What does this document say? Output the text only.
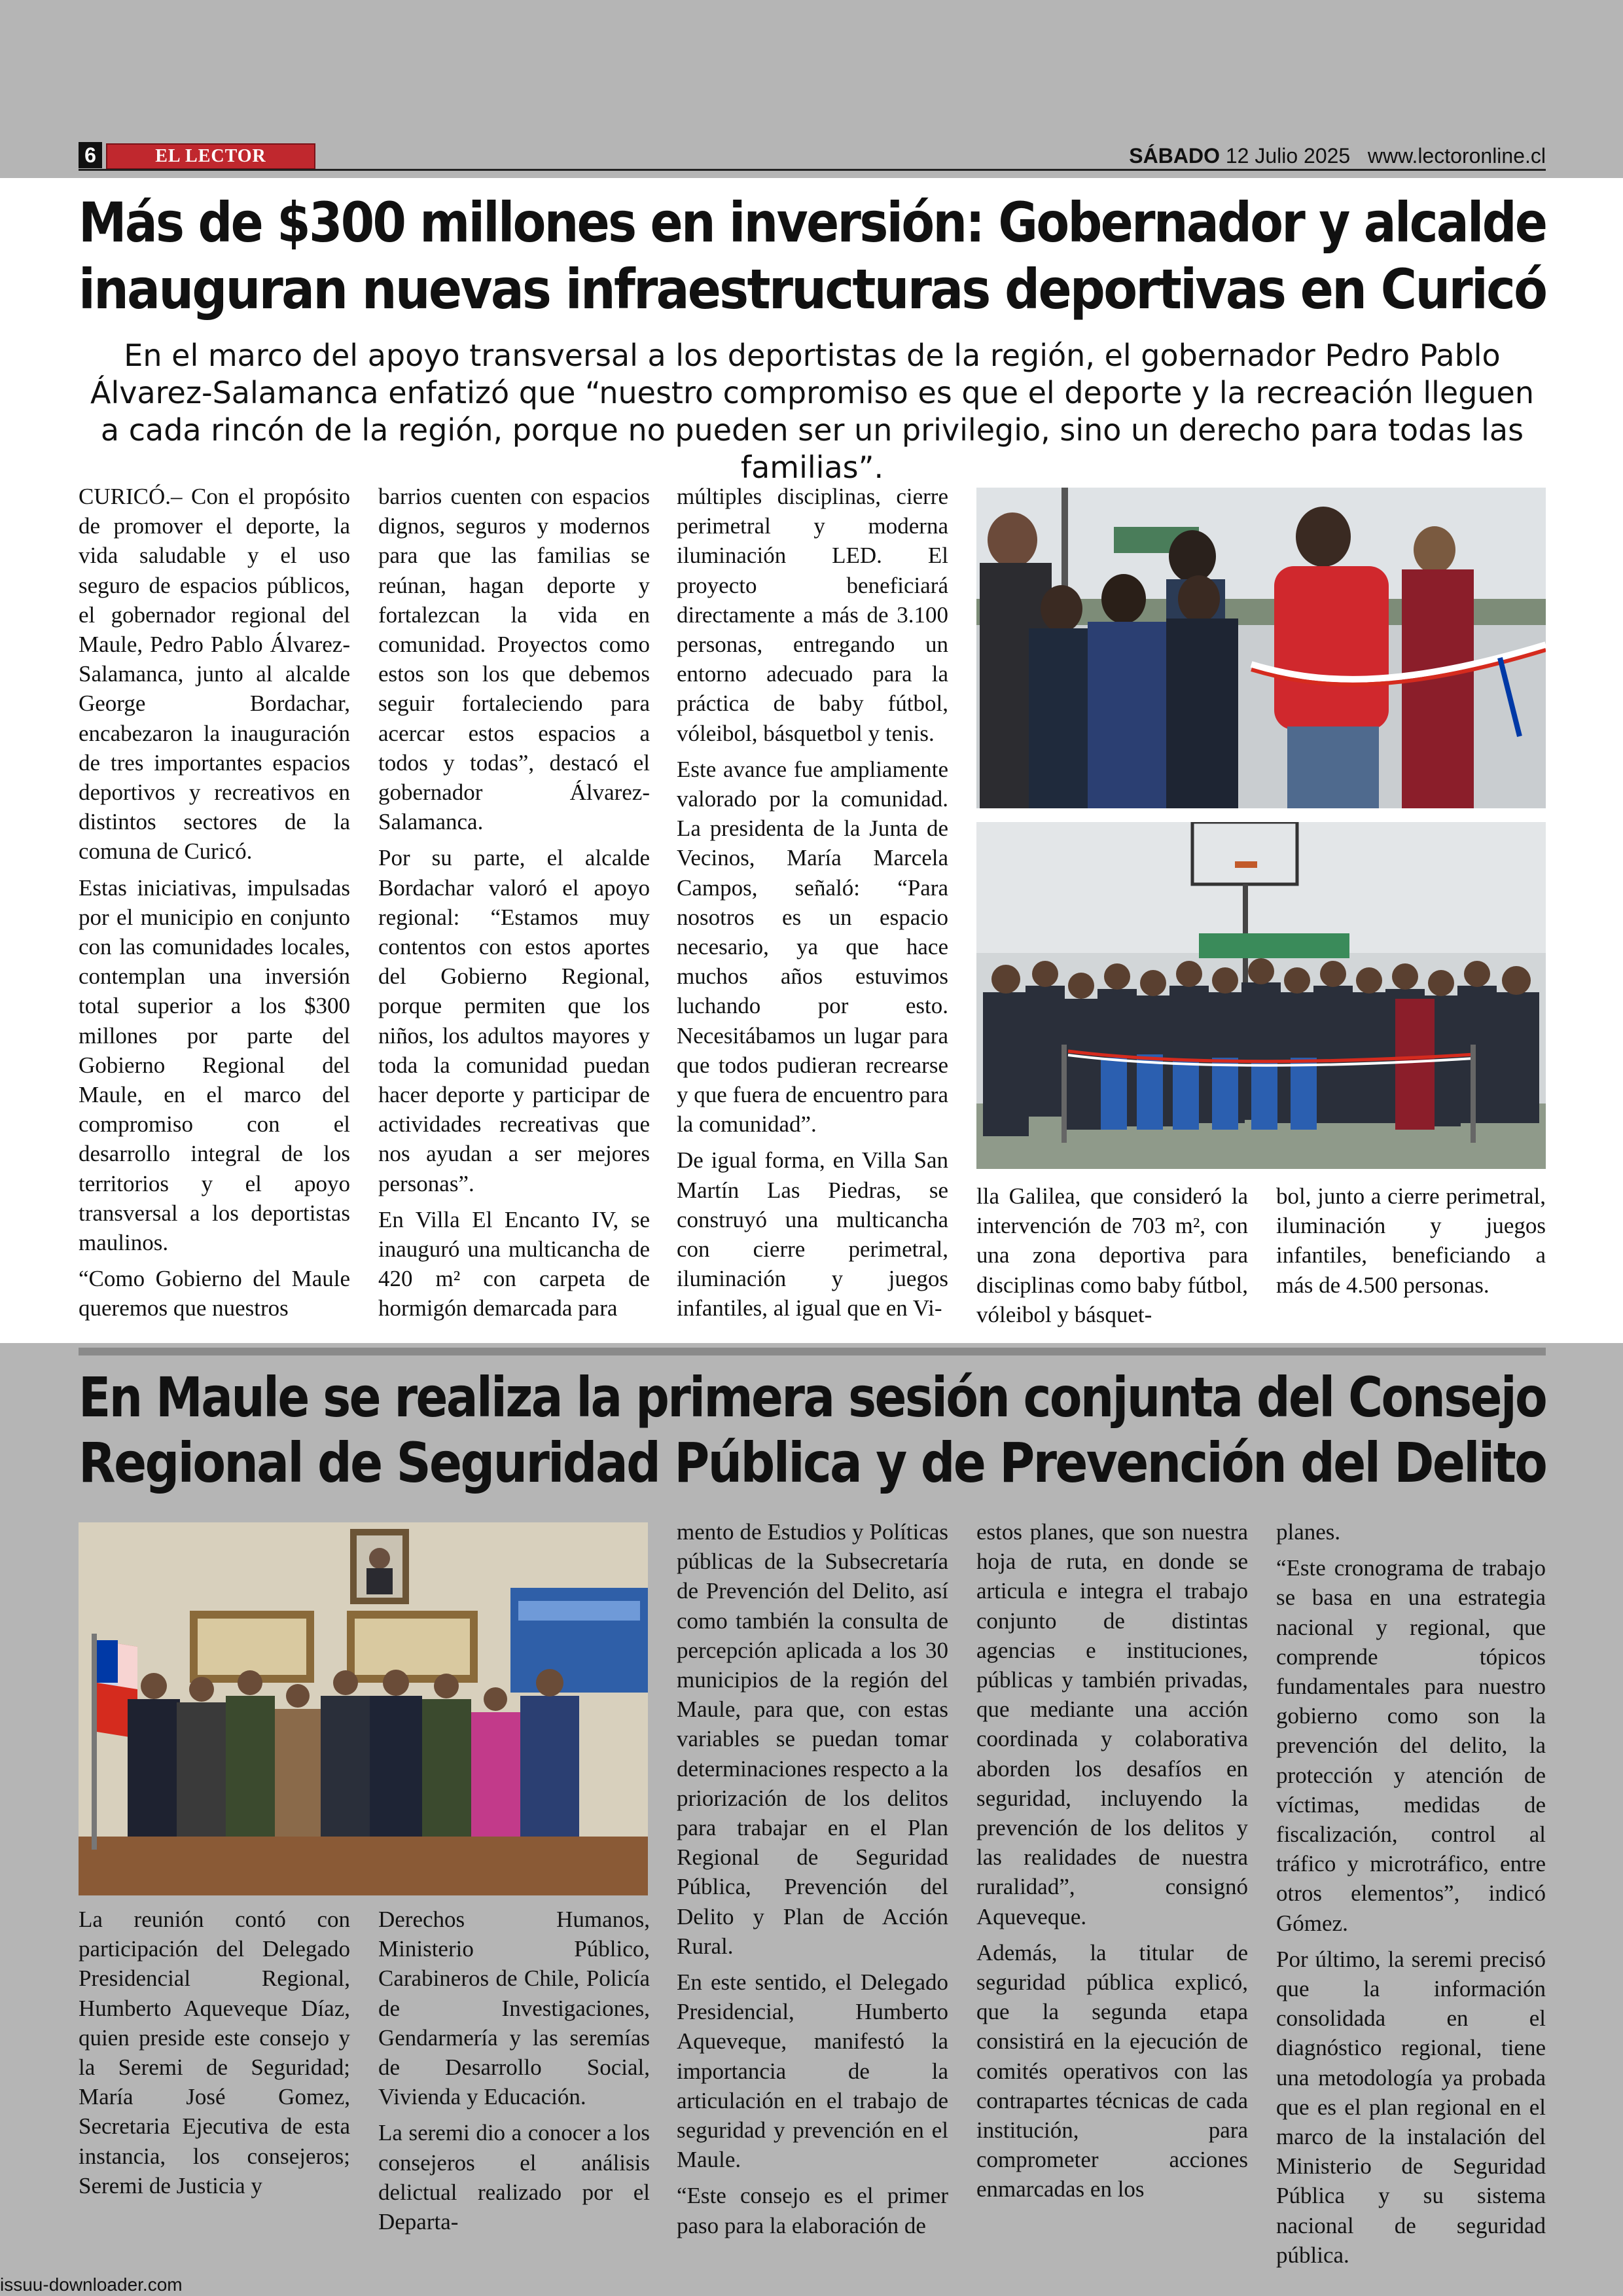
6	EL LECTOR	SÁBADO 12 Julio 2025 www.lectoronline.cl
Más de $300 millones en inversión: Gobernador y alcalde
inauguran nuevas infraestructuras deportivas en Curicó
En el marco del apoyo transversal a los deportistas de la región, el gobernador Pedro Pablo Álvarez-Salamanca enfatizó que “nuestro compromiso es que el deporte y la recreación lleguen a cada rincón de la región, porque no pueden ser un privilegio, sino un derecho para todas las familias”.

CURICÓ.– Con el propósito de promover el deporte, la vida saludable y el uso seguro de espacios públicos, el gobernador regional del Maule, Pedro Pablo Álvarez-Salamanca, junto al alcalde George Bordachar, encabezaron la inauguración de tres importantes espacios deportivos y recreativos en distintos sectores de la comuna de Curicó.

Estas iniciativas, impulsadas por el municipio en conjunto con las comunidades locales, contemplan una inversión total superior a los $300 millones por parte del Gobierno Regional del Maule, en el marco del compromiso con el desarrollo integral de los territorios y el apoyo transversal a los deportistas maulinos.

“Como Gobierno del Maule queremos que nuestros

barrios cuenten con espacios dignos, seguros y modernos para que las familias se reúnan, hagan deporte y fortalezcan la vida en comunidad. Proyectos como estos son los que debemos seguir fortaleciendo para acercar estos espacios a todos y todas”, destacó el gobernador Álvarez-Salamanca.

Por su parte, el alcalde Bordachar valoró el apoyo regional: “Estamos muy contentos con estos aportes del Gobierno Regional, porque permiten que los niños, los adultos mayores y toda la comunidad puedan hacer deporte y participar de actividades recreativas que nos ayudan a ser mejores personas”.

En Villa El Encanto IV, se inauguró una multicancha de 420 m² con carpeta de hormigón demarcada para

múltiples disciplinas, cierre perimetral y moderna iluminación LED. El proyecto beneficiará directamente a más de 3.100 personas, entregando un entorno adecuado para la práctica de baby fútbol, vóleibol, básquetbol y tenis.

Este avance fue ampliamente valorado por la comunidad. La presidenta de la Junta de Vecinos, María Marcela Campos, señaló: “Para nosotros es un espacio necesario, ya que hace muchos años estuvimos luchando por esto. Necesitábamos un lugar para que todos pudieran recrearse y que fuera de encuentro para la comunidad”.

De igual forma, en Villa San Martín Las Piedras, se construyó una multicancha con cierre perimetral, iluminación y juegos infantiles, al igual que en Vi-

lla Galilea, que consideró la intervención de 703 m², con una zona deportiva para disciplinas como baby fútbol, vóleibol y básquet-

bol, junto a cierre perimetral, iluminación y juegos infantiles, beneficiando a más de 4.500 personas.

En Maule se realiza la primera sesión conjunta del Consejo
Regional de Seguridad Pública y de Prevención del Delito

La reunión contó con participación del Delegado Presidencial Regional, Humberto Aqueveque Díaz, quien preside este consejo y la Seremi de Seguridad; María José Gomez, Secretaria Ejecutiva de esta instancia, los consejeros; Seremi de Justicia y

Derechos Humanos, Ministerio Público, Carabineros de Chile, Policía de Investigaciones, Gendarmería y las seremías de Desarrollo Social, Vivienda y Educación.

La seremi dio a conocer a los consejeros el análisis delictual realizado por el Departa-

mento de Estudios y Políticas públicas de la Subsecretaría de Prevención del Delito, así como también la consulta de percepción aplicada a los 30 municipios de la región del Maule, para que, con estas variables se puedan tomar determinaciones respecto a la priorización de los delitos para trabajar en el Plan Regional de Seguridad Pública, Prevención del Delito y Plan de Acción Rural.

En este sentido, el Delegado Presidencial, Humberto Aqueveque, manifestó la importancia de la articulación en el trabajo de seguridad y prevención en el Maule.

“Este consejo es el primer paso para la elaboración de

estos planes, que son nuestra hoja de ruta, en donde se articula e integra el trabajo conjunto de distintas agencias e instituciones, públicas y también privadas, que mediante una acción coordinada y colaborativa aborden los desafíos en seguridad, incluyendo la prevención de los delitos y las realidades de nuestra ruralidad”, consignó Aqueveque.

Además, la titular de seguridad pública explicó, que la segunda etapa consistirá en la ejecución de comités operativos con las contrapartes técnicas de cada institución, para comprometer acciones enmarcadas en los

planes.

“Este cronograma de trabajo se basa en una estrategia nacional y regional, que comprende tópicos fundamentales para nuestro gobierno como son la prevención del delito, la protección y atención de víctimas, medidas de fiscalización, control al tráfico y microtráfico, entre otros elementos”, indicó Gómez.

Por último, la seremi precisó que la información consolidada en el diagnóstico regional, tiene una metodología ya probada que es el plan regional en el marco de la instalación del Ministerio de Seguridad Pública y su sistema nacional de seguridad pública.

issuu-downloader.com
